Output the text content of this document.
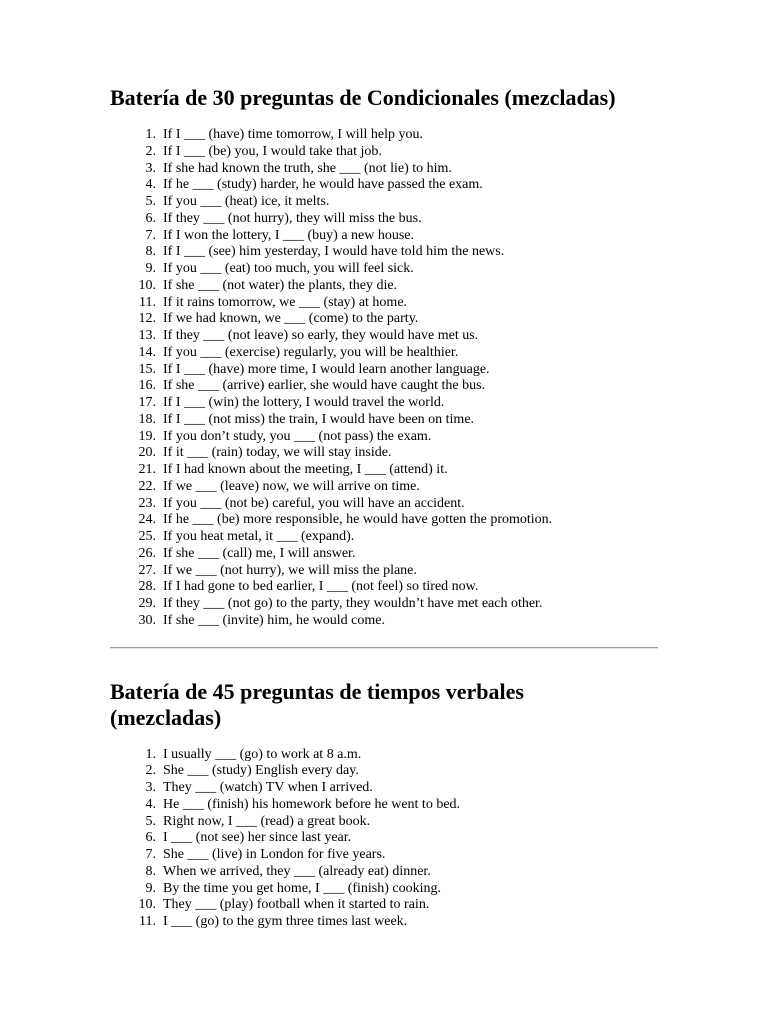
Batería de 30 preguntas de Condicionales (mezcladas)
1. If I ___ (have) time tomorrow, I will help you.
2. If I ___ (be) you, I would take that job.
3. If she had known the truth, she ___ (not lie) to him.
4. If he ___ (study) harder, he would have passed the exam.
5. If you ___ (heat) ice, it melts.
6. If they ___ (not hurry), they will miss the bus.
7. If I won the lottery, I ___ (buy) a new house.
8. If I ___ (see) him yesterday, I would have told him the news.
9. If you ___ (eat) too much, you will feel sick.
10. If she ___ (not water) the plants, they die.
11. If it rains tomorrow, we ___ (stay) at home.
12. If we had known, we ___ (come) to the party.
13. If they ___ (not leave) so early, they would have met us.
14. If you ___ (exercise) regularly, you will be healthier.
15. If I ___ (have) more time, I would learn another language.
16. If she ___ (arrive) earlier, she would have caught the bus.
17. If I ___ (win) the lottery, I would travel the world.
18. If I ___ (not miss) the train, I would have been on time.
19. If you don’t study, you ___ (not pass) the exam.
20. If it ___ (rain) today, we will stay inside.
21. If I had known about the meeting, I ___ (attend) it.
22. If we ___ (leave) now, we will arrive on time.
23. If you ___ (not be) careful, you will have an accident.
24. If he ___ (be) more responsible, he would have gotten the promotion.
25. If you heat metal, it ___ (expand).
26. If she ___ (call) me, I will answer.
27. If we ___ (not hurry), we will miss the plane.
28. If I had gone to bed earlier, I ___ (not feel) so tired now.
29. If they ___ (not go) to the party, they wouldn’t have met each other.
30. If she ___ (invite) him, he would come.
Batería de 45 preguntas de tiempos verbales
(mezcladas)
1. I usually ___ (go) to work at 8 a.m.
2. She ___ (study) English every day.
3. They ___ (watch) TV when I arrived.
4. He ___ (finish) his homework before he went to bed.
5. Right now, I ___ (read) a great book.
6. I ___ (not see) her since last year.
7. She ___ (live) in London for five years.
8. When we arrived, they ___ (already eat) dinner.
9. By the time you get home, I ___ (finish) cooking.
10. They ___ (play) football when it started to rain.
11. I ___ (go) to the gym three times last week.
